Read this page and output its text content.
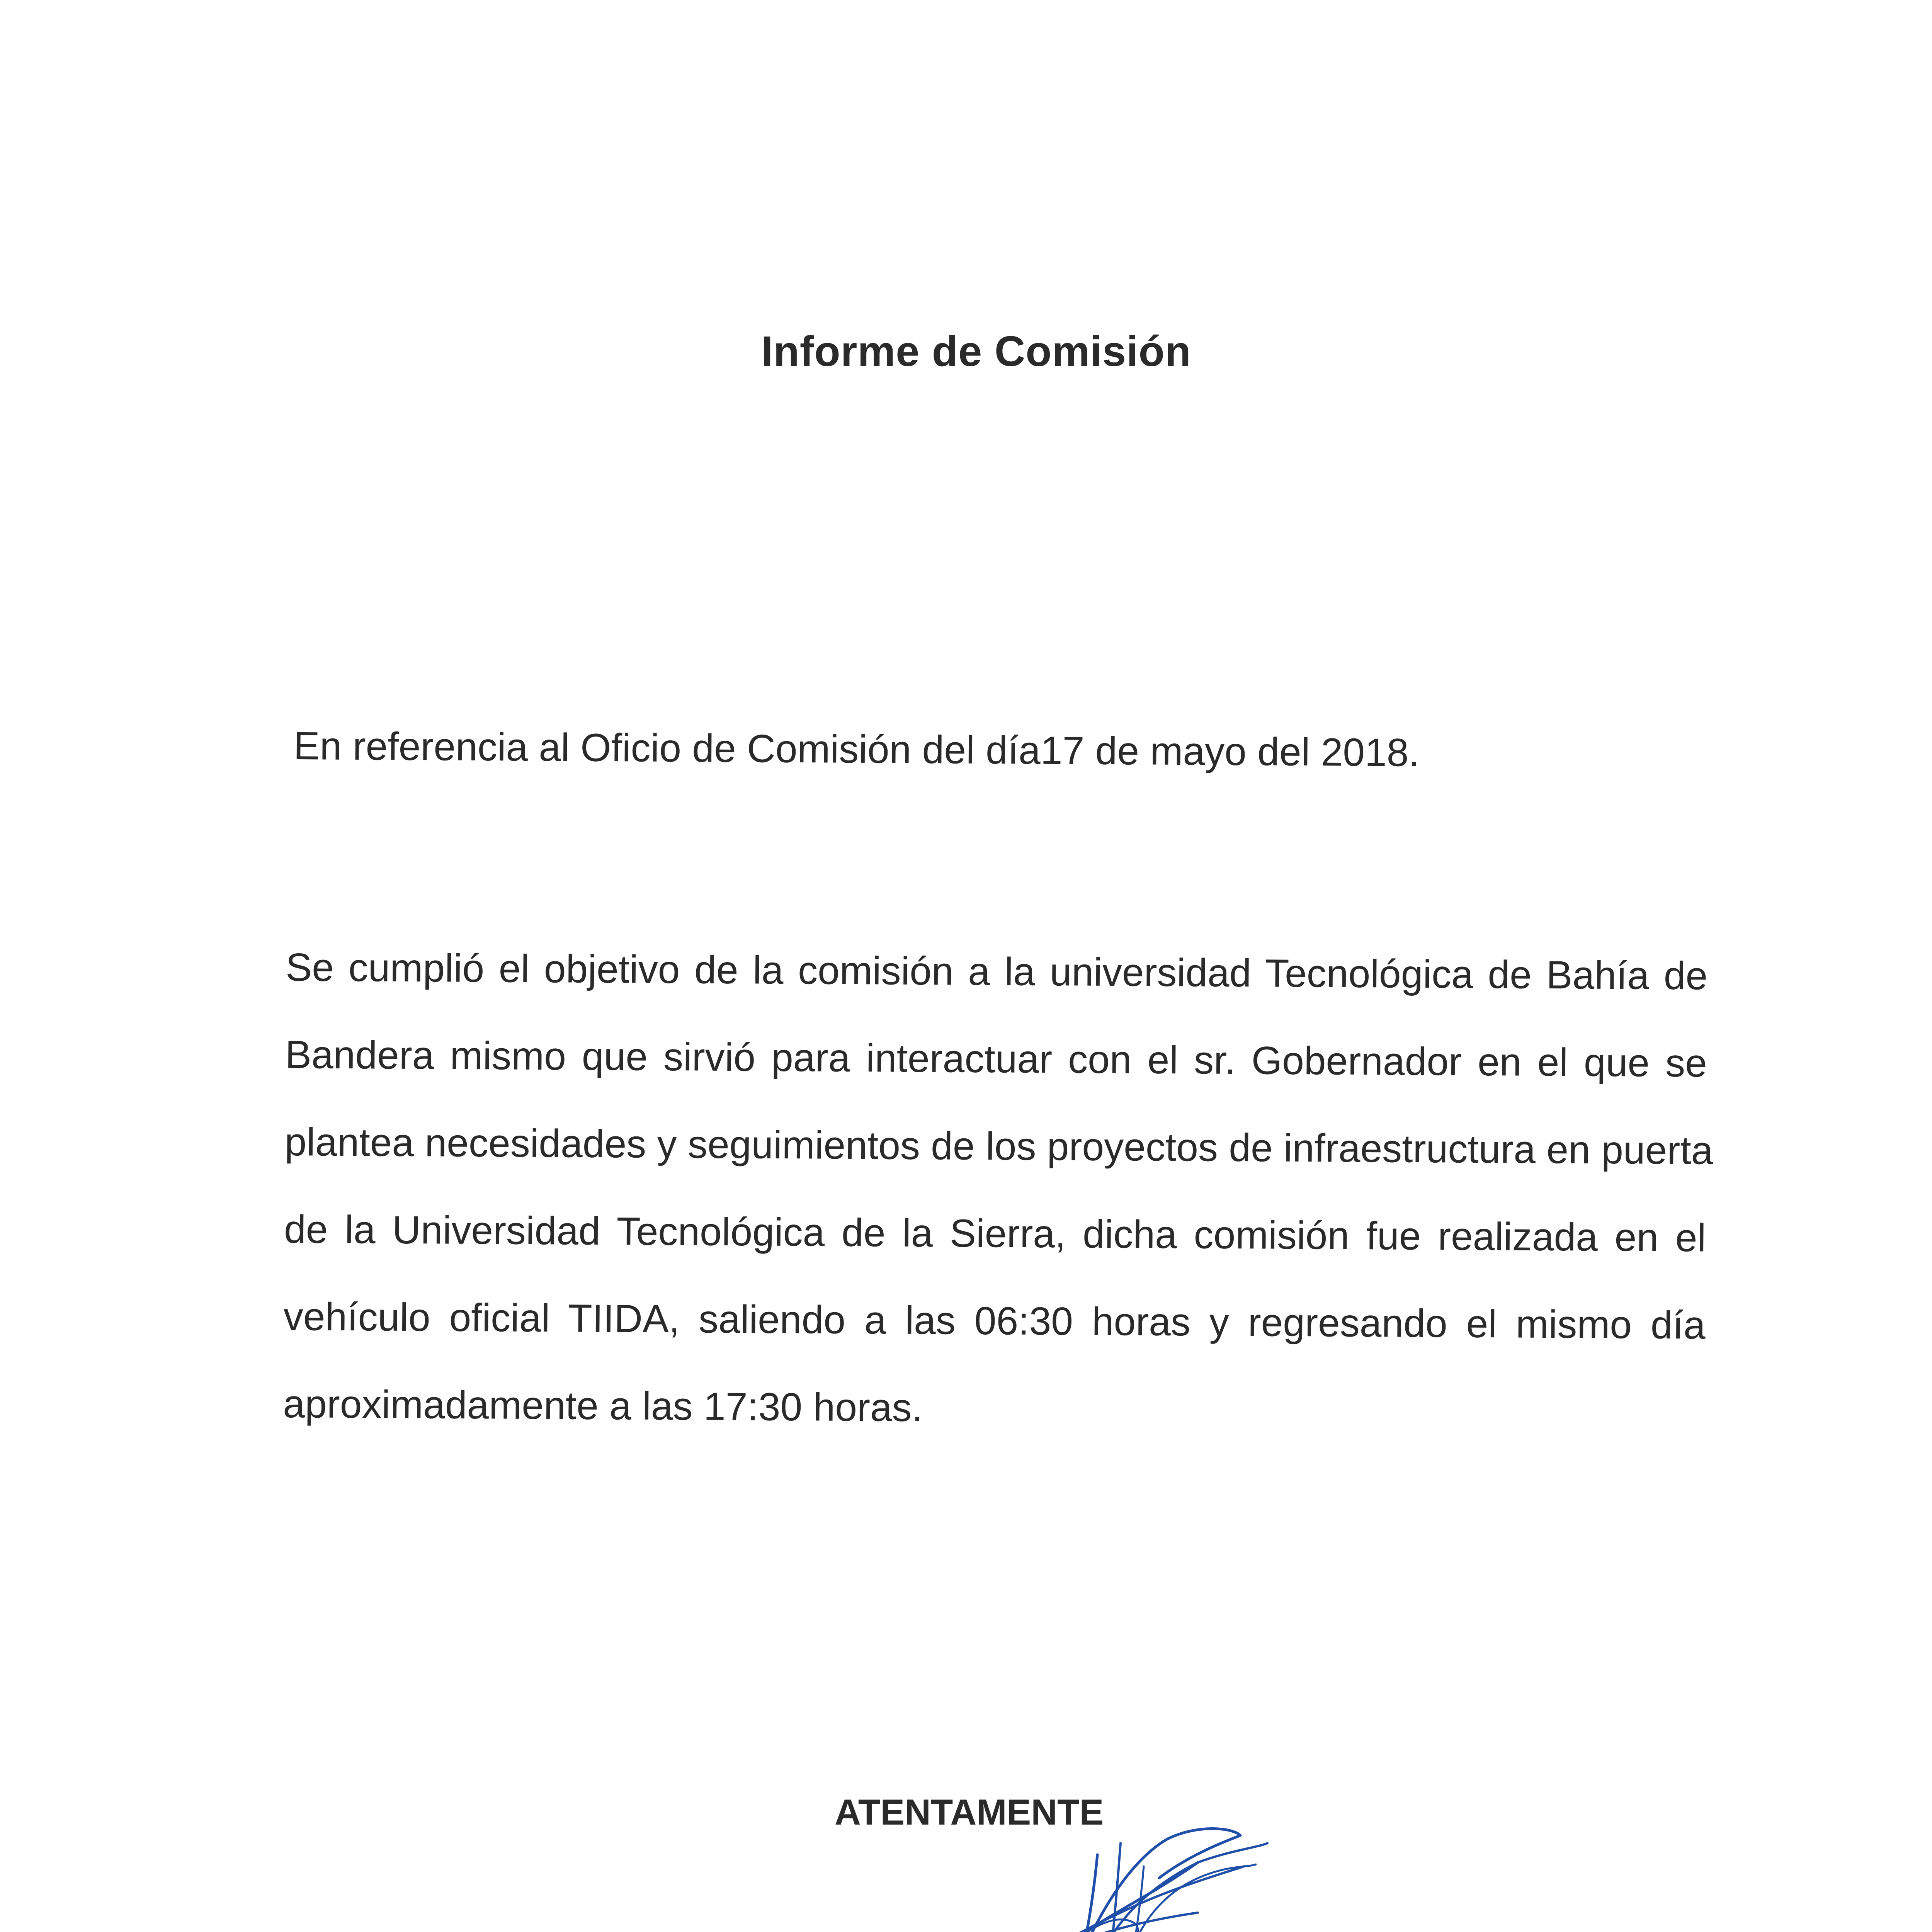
Informe de Comisión
En referencia al Oficio de Comisión del día17 de mayo del 2018.
Se cumplió el objetivo de la comisión a la universidad Tecnológica de Bahía de
Bandera mismo que sirvió para interactuar con el sr. Gobernador en el que se
plantea necesidades y seguimientos de los proyectos de infraestructura en puerta
de la Universidad Tecnológica de la Sierra, dicha comisión fue realizada en el
vehículo oficial TIIDA, saliendo a las 06:30 horas y regresando el mismo día
aproximadamente a las 17:30 horas.
ATENTAMENTE
